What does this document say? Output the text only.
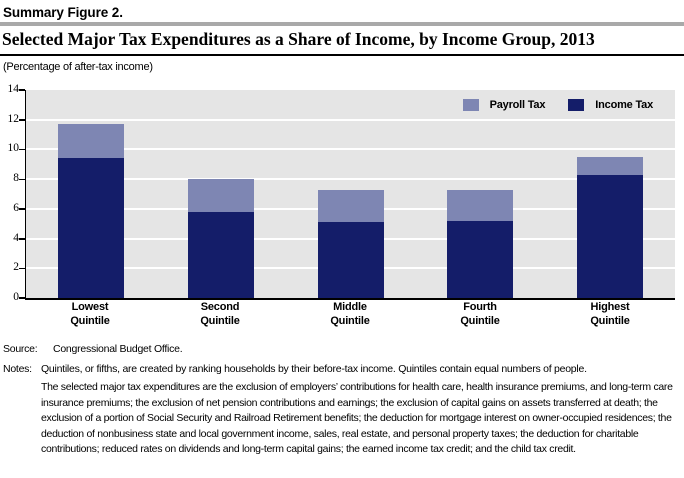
Summary Figure 2.
Selected Major Tax Expenditures as a Share of Income, by Income Group, 2013
(Percentage of after-tax income)
0
2
4
6
8
10
12
14
Payroll Tax	Income Tax
Lowest
Quintile
Second
Quintile
Middle
Quintile
Fourth
Quintile
Highest
Quintile
Source: Congressional Budget Office.
Notes: Quintiles, or fifths, are created by ranking households by their before-tax income. Quintiles contain equal numbers of people.
The selected major tax expenditures are the exclusion of employers’ contributions for health care, health insurance premiums, and long-term care insurance premiums; the exclusion of net pension contributions and earnings; the exclusion of capital gains on assets transferred at death; the exclusion of a portion of Social Security and Railroad Retirement benefits; the deduction for mortgage interest on owner-occupied residences; the deduction of nonbusiness state and local government income, sales, real estate, and personal property taxes; the deduction for charitable contributions; reduced rates on dividends and long-term capital gains; the earned income tax credit; and the child tax credit.
